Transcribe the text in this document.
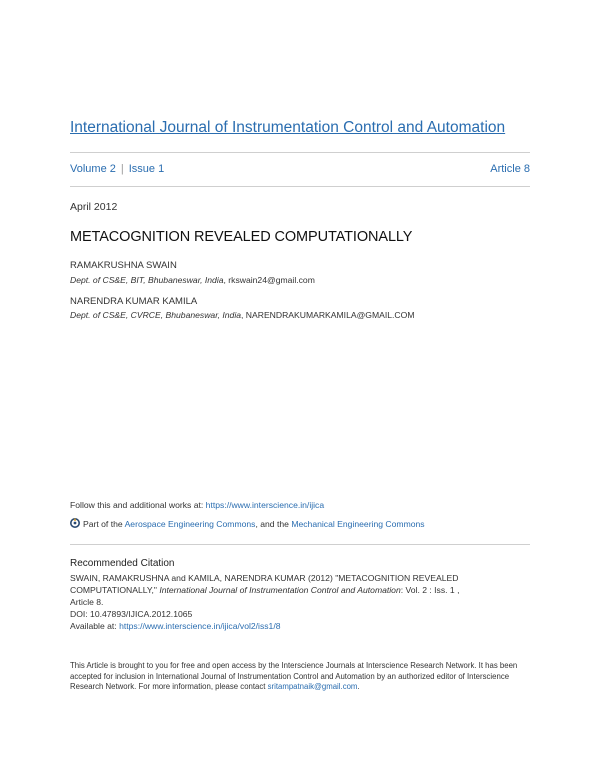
International Journal of Instrumentation Control and Automation
Volume 2 | Issue 1	Article 8
April 2012
METACOGNITION REVEALED COMPUTATIONALLY
RAMAKRUSHNA SWAIN
Dept. of CS&E, BIT, Bhubaneswar, India, rkswain24@gmail.com
NARENDRA KUMAR KAMILA
Dept. of CS&E, CVRCE, Bhubaneswar, India, NARENDRAKUMARKAMILA@GMAIL.COM
Follow this and additional works at: https://www.interscience.in/ijica
Part of the Aerospace Engineering Commons, and the Mechanical Engineering Commons
Recommended Citation
SWAIN, RAMAKRUSHNA and KAMILA, NARENDRA KUMAR (2012) "METACOGNITION REVEALED
COMPUTATIONALLY," International Journal of Instrumentation Control and Automation: Vol. 2 : Iss. 1 ,
Article 8.
DOI: 10.47893/IJICA.2012.1065
Available at: https://www.interscience.in/ijica/vol2/iss1/8
This Article is brought to you for free and open access by the Interscience Journals at Interscience Research Network. It has been accepted for inclusion in International Journal of Instrumentation Control and Automation by an authorized editor of Interscience Research Network. For more information, please contact sritampatnaik@gmail.com.
